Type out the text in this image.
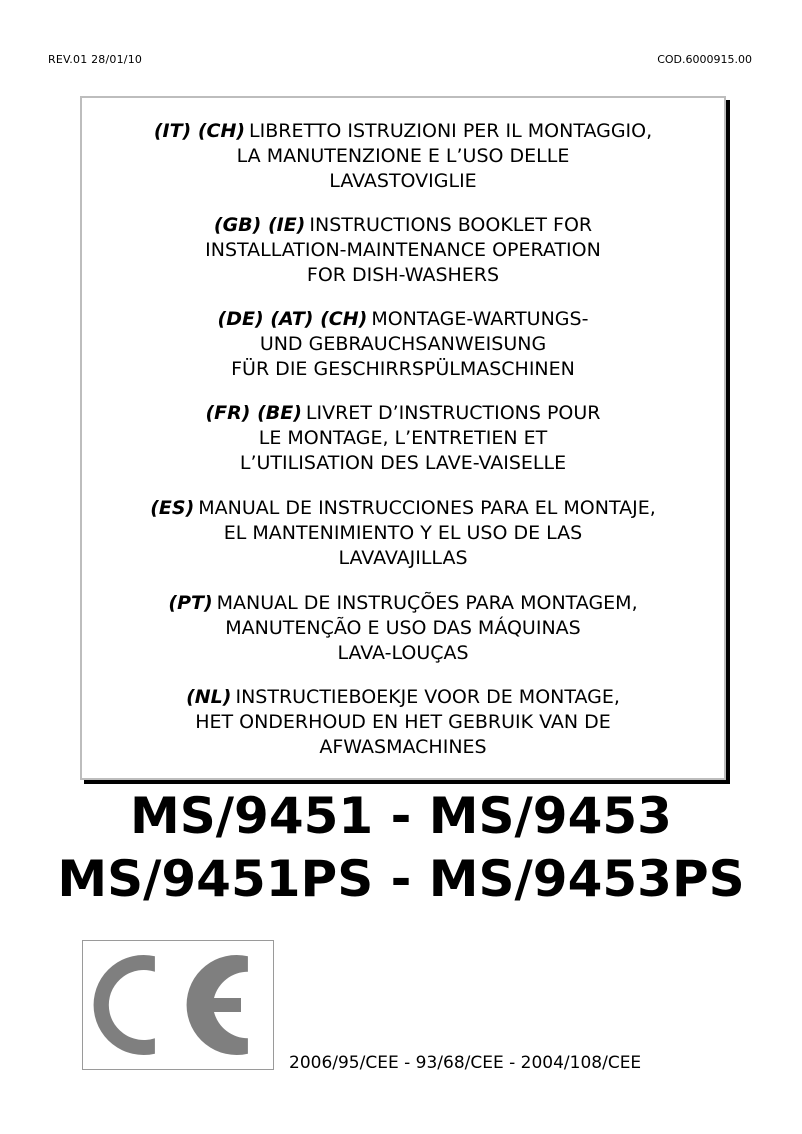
REV.01 28/01/10	COD.6000915.00
(IT) (CH) LIBRETTO ISTRUZIONI PER IL MONTAGGIO,
LA MANUTENZIONE E L’USO DELLE
LAVASTOVIGLIE
(GB) (IE) INSTRUCTIONS BOOKLET FOR
INSTALLATION-MAINTENANCE OPERATION
FOR DISH-WASHERS
(DE) (AT) (CH) MONTAGE-WARTUNGS-
UND GEBRAUCHSANWEISUNG
FÜR DIE GESCHIRRSPÜLMASCHINEN
(FR) (BE) LIVRET D’INSTRUCTIONS POUR
LE MONTAGE, L’ENTRETIEN ET
L’UTILISATION DES LAVE-VAISELLE
(ES) MANUAL DE INSTRUCCIONES PARA EL MONTAJE,
EL MANTENIMIENTO Y EL USO DE LAS
LAVAVAJILLAS
(PT) MANUAL DE INSTRUÇÕES PARA MONTAGEM,
MANUTENÇÃO E USO DAS MÁQUINAS
LAVA-LOUÇAS
(NL) INSTRUCTIEBOEKJE VOOR DE MONTAGE,
HET ONDERHOUD EN HET GEBRUIK VAN DE
AFWASMACHINES
MS/9451 - MS/9453
MS/9451PS - MS/9453PS
2006/95/CEE - 93/68/CEE - 2004/108/CEE
